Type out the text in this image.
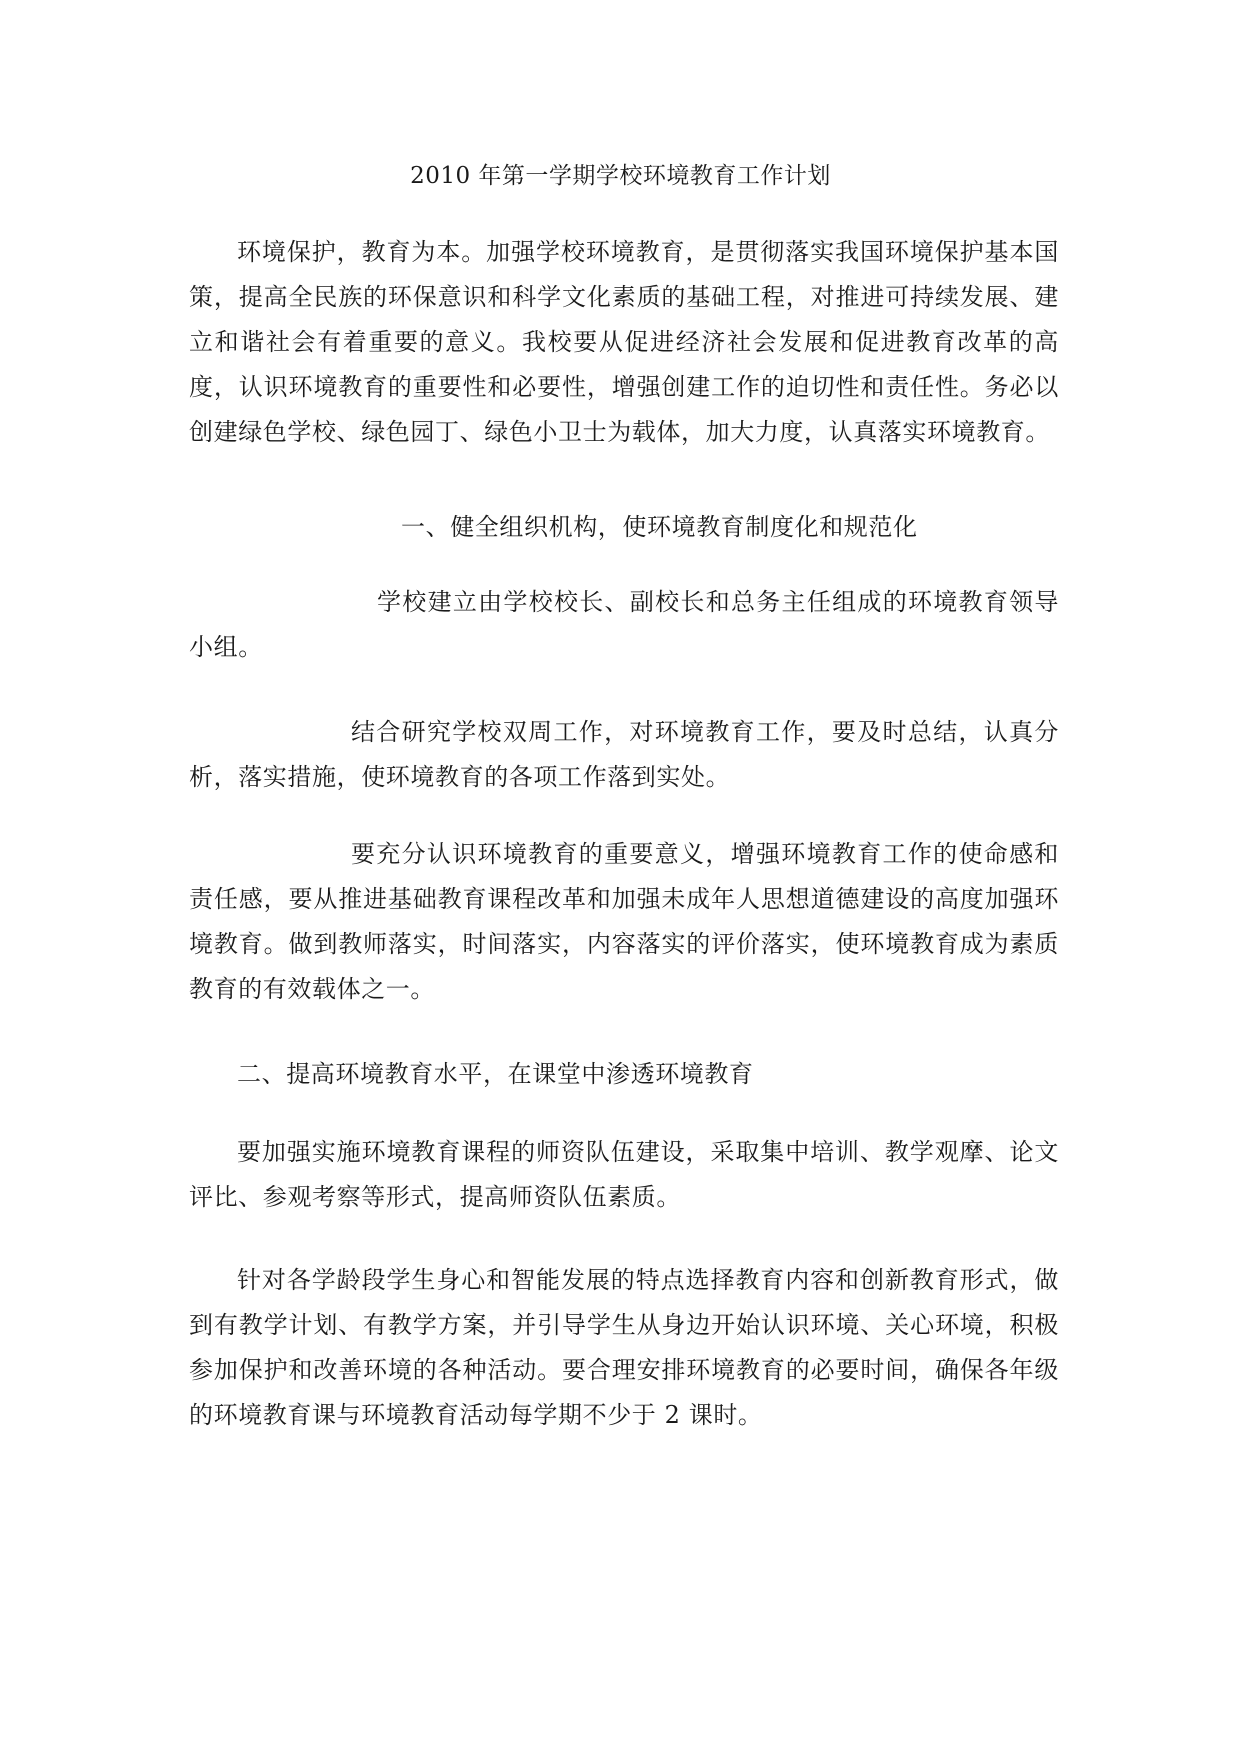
2010 年第一学期学校环境教育工作计划

环境保护，教育为本。加强学校环境教育，是贯彻落实我国环境保护基本国策，提高全民族的环保意识和科学文化素质的基础工程，对推进可持续发展、建立和谐社会有着重要的意义。我校要从促进经济社会发展和促进教育改革的高度，认识环境教育的重要性和必要性，增强创建工作的迫切性和责任性。务必以创建绿色学校、绿色园丁、绿色小卫士为载体，加大力度，认真落实环境教育。

一、健全组织机构，使环境教育制度化和规范化

学校建立由学校校长、副校长和总务主任组成的环境教育领导小组。

结合研究学校双周工作，对环境教育工作，要及时总结，认真分析，落实措施，使环境教育的各项工作落到实处。

要充分认识环境教育的重要意义，增强环境教育工作的使命感和责任感，要从推进基础教育课程改革和加强未成年人思想道德建设的高度加强环境教育。做到教师落实，时间落实，内容落实的评价落实，使环境教育成为素质教育的有效载体之一。

二、提高环境教育水平，在课堂中渗透环境教育

要加强实施环境教育课程的师资队伍建设，采取集中培训、教学观摩、论文评比、参观考察等形式，提高师资队伍素质。

针对各学龄段学生身心和智能发展的特点选择教育内容和创新教育形式，做到有教学计划、有教学方案，并引导学生从身边开始认识环境、关心环境，积极参加保护和改善环境的各种活动。要合理安排环境教育的必要时间，确保各年级的环境教育课与环境教育活动每学期不少于 2 课时。
